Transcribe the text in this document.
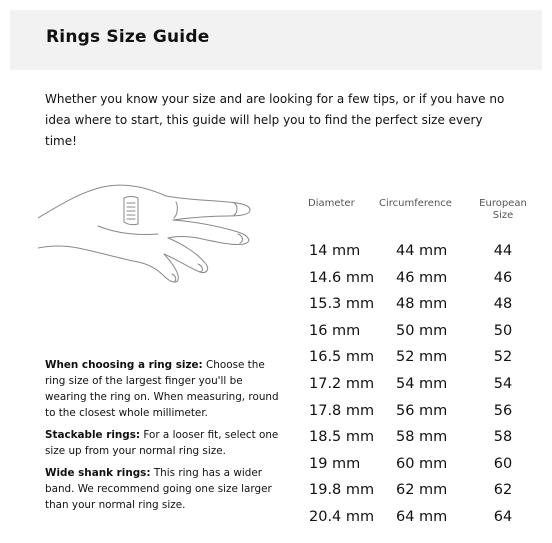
Rings Size Guide

Whether you know your size and are looking for a few tips, or if you have no idea where to start, this guide will help you to find the perfect size every time!

When choosing a ring size: Choose the ring size of the largest finger you'll be wearing the ring on. When measuring, round to the closest whole millimeter.

Stackable rings: For a looser fit, select one size up from your normal ring size.

Wide shank rings: This ring has a wider band. We recommend going one size larger than your normal ring size.

Diameter Circumference	European
Size
14 mm 44 mm	44
14.6 mm 46 mm	46
15.3 mm 48 mm	48
16 mm 50 mm	50
16.5 mm 52 mm	52
17.2 mm 54 mm	54
17.8 mm 56 mm	56
18.5 mm 58 mm	58
19 mm 60 mm	60
19.8 mm 62 mm	62
20.4 mm 64 mm	64
